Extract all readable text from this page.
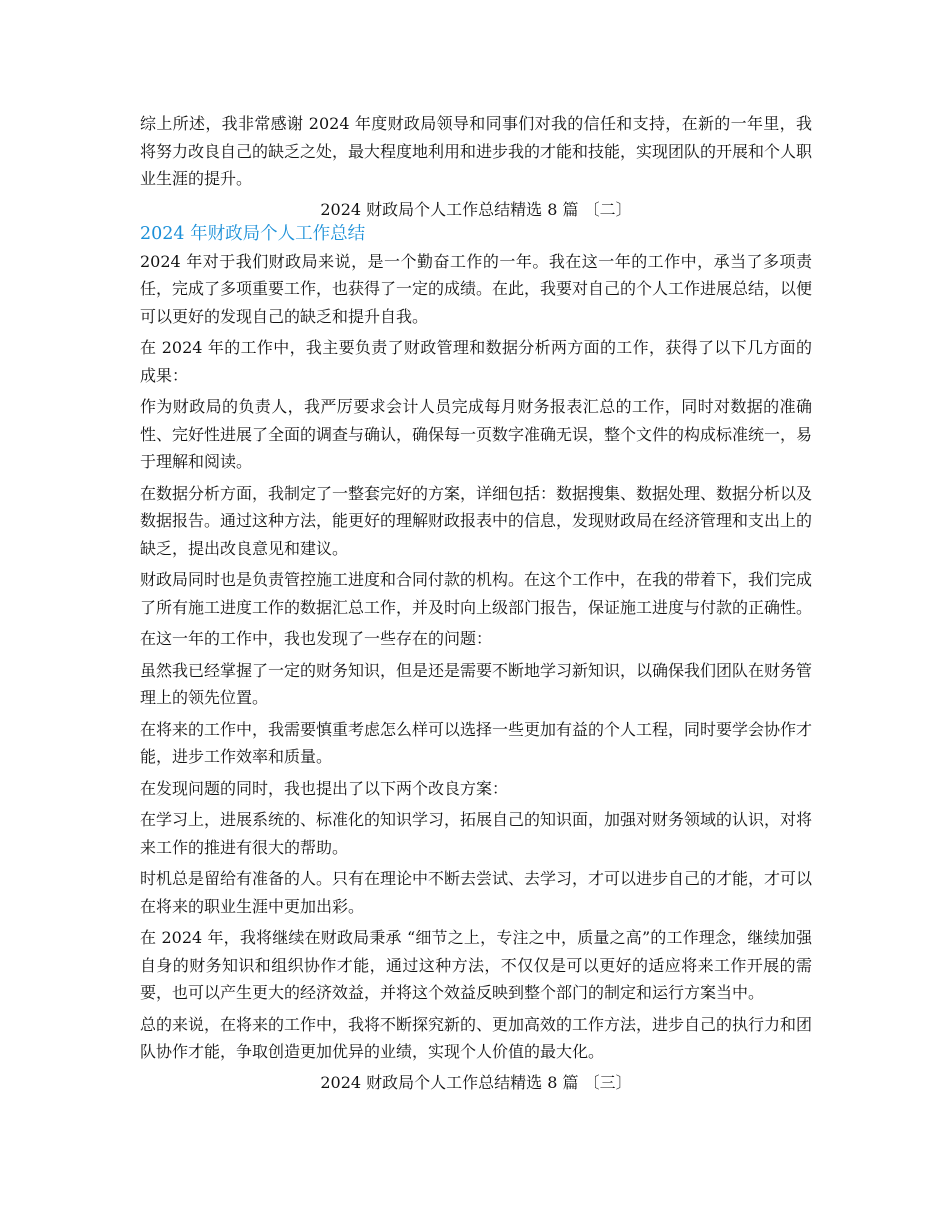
综上所述，我非常感谢 2024 年度财政局领导和同事们对我的信任和支持，在新的一年里，我将努力改良自己的缺乏之处，最大程度地利用和进步我的才能和技能，实现团队的开展和个人职业生涯的提升。

2024 财政局个人工作总结精选 8 篇 〔二〕

2024 年财政局个人工作总结

2024 年对于我们财政局来说，是一个勤奋工作的一年。我在这一年的工作中，承当了多项责任，完成了多项重要工作，也获得了一定的成绩。在此，我要对自己的个人工作进展总结，以便可以更好的发现自己的缺乏和提升自我。

在 2024 年的工作中，我主要负责了财政管理和数据分析两方面的工作，获得了以下几方面的成果：

作为财政局的负责人，我严厉要求会计人员完成每月财务报表汇总的工作，同时对数据的准确性、完好性进展了全面的调查与确认，确保每一页数字准确无误，整个文件的构成标准统一，易于理解和阅读。

在数据分析方面，我制定了一整套完好的方案，详细包括：数据搜集、数据处理、数据分析以及数据报告。通过这种方法，能更好的理解财政报表中的信息，发现财政局在经济管理和支出上的缺乏，提出改良意见和建议。

财政局同时也是负责管控施工进度和合同付款的机构。在这个工作中，在我的带着下，我们完成了所有施工进度工作的数据汇总工作，并及时向上级部门报告，保证施工进度与付款的正确性。

在这一年的工作中，我也发现了一些存在的问题：

虽然我已经掌握了一定的财务知识，但是还是需要不断地学习新知识，以确保我们团队在财务管理上的领先位置。

在将来的工作中，我需要慎重考虑怎么样可以选择一些更加有益的个人工程，同时要学会协作才能，进步工作效率和质量。

在发现问题的同时，我也提出了以下两个改良方案：

在学习上，进展系统的、标准化的知识学习，拓展自己的知识面，加强对财务领域的认识，对将来工作的推进有很大的帮助。

时机总是留给有准备的人。只有在理论中不断去尝试、去学习，才可以进步自己的才能，才可以在将来的职业生涯中更加出彩。

在 2024 年，我将继续在财政局秉承 “细节之上，专注之中，质量之高”的工作理念，继续加强自身的财务知识和组织协作才能，通过这种方法，不仅仅是可以更好的适应将来工作开展的需要，也可以产生更大的经济效益，并将这个效益反映到整个部门的制定和运行方案当中。

总的来说，在将来的工作中，我将不断探究新的、更加高效的工作方法，进步自己的执行力和团队协作才能，争取创造更加优异的业绩，实现个人价值的最大化。

2024 财政局个人工作总结精选 8 篇 〔三〕
